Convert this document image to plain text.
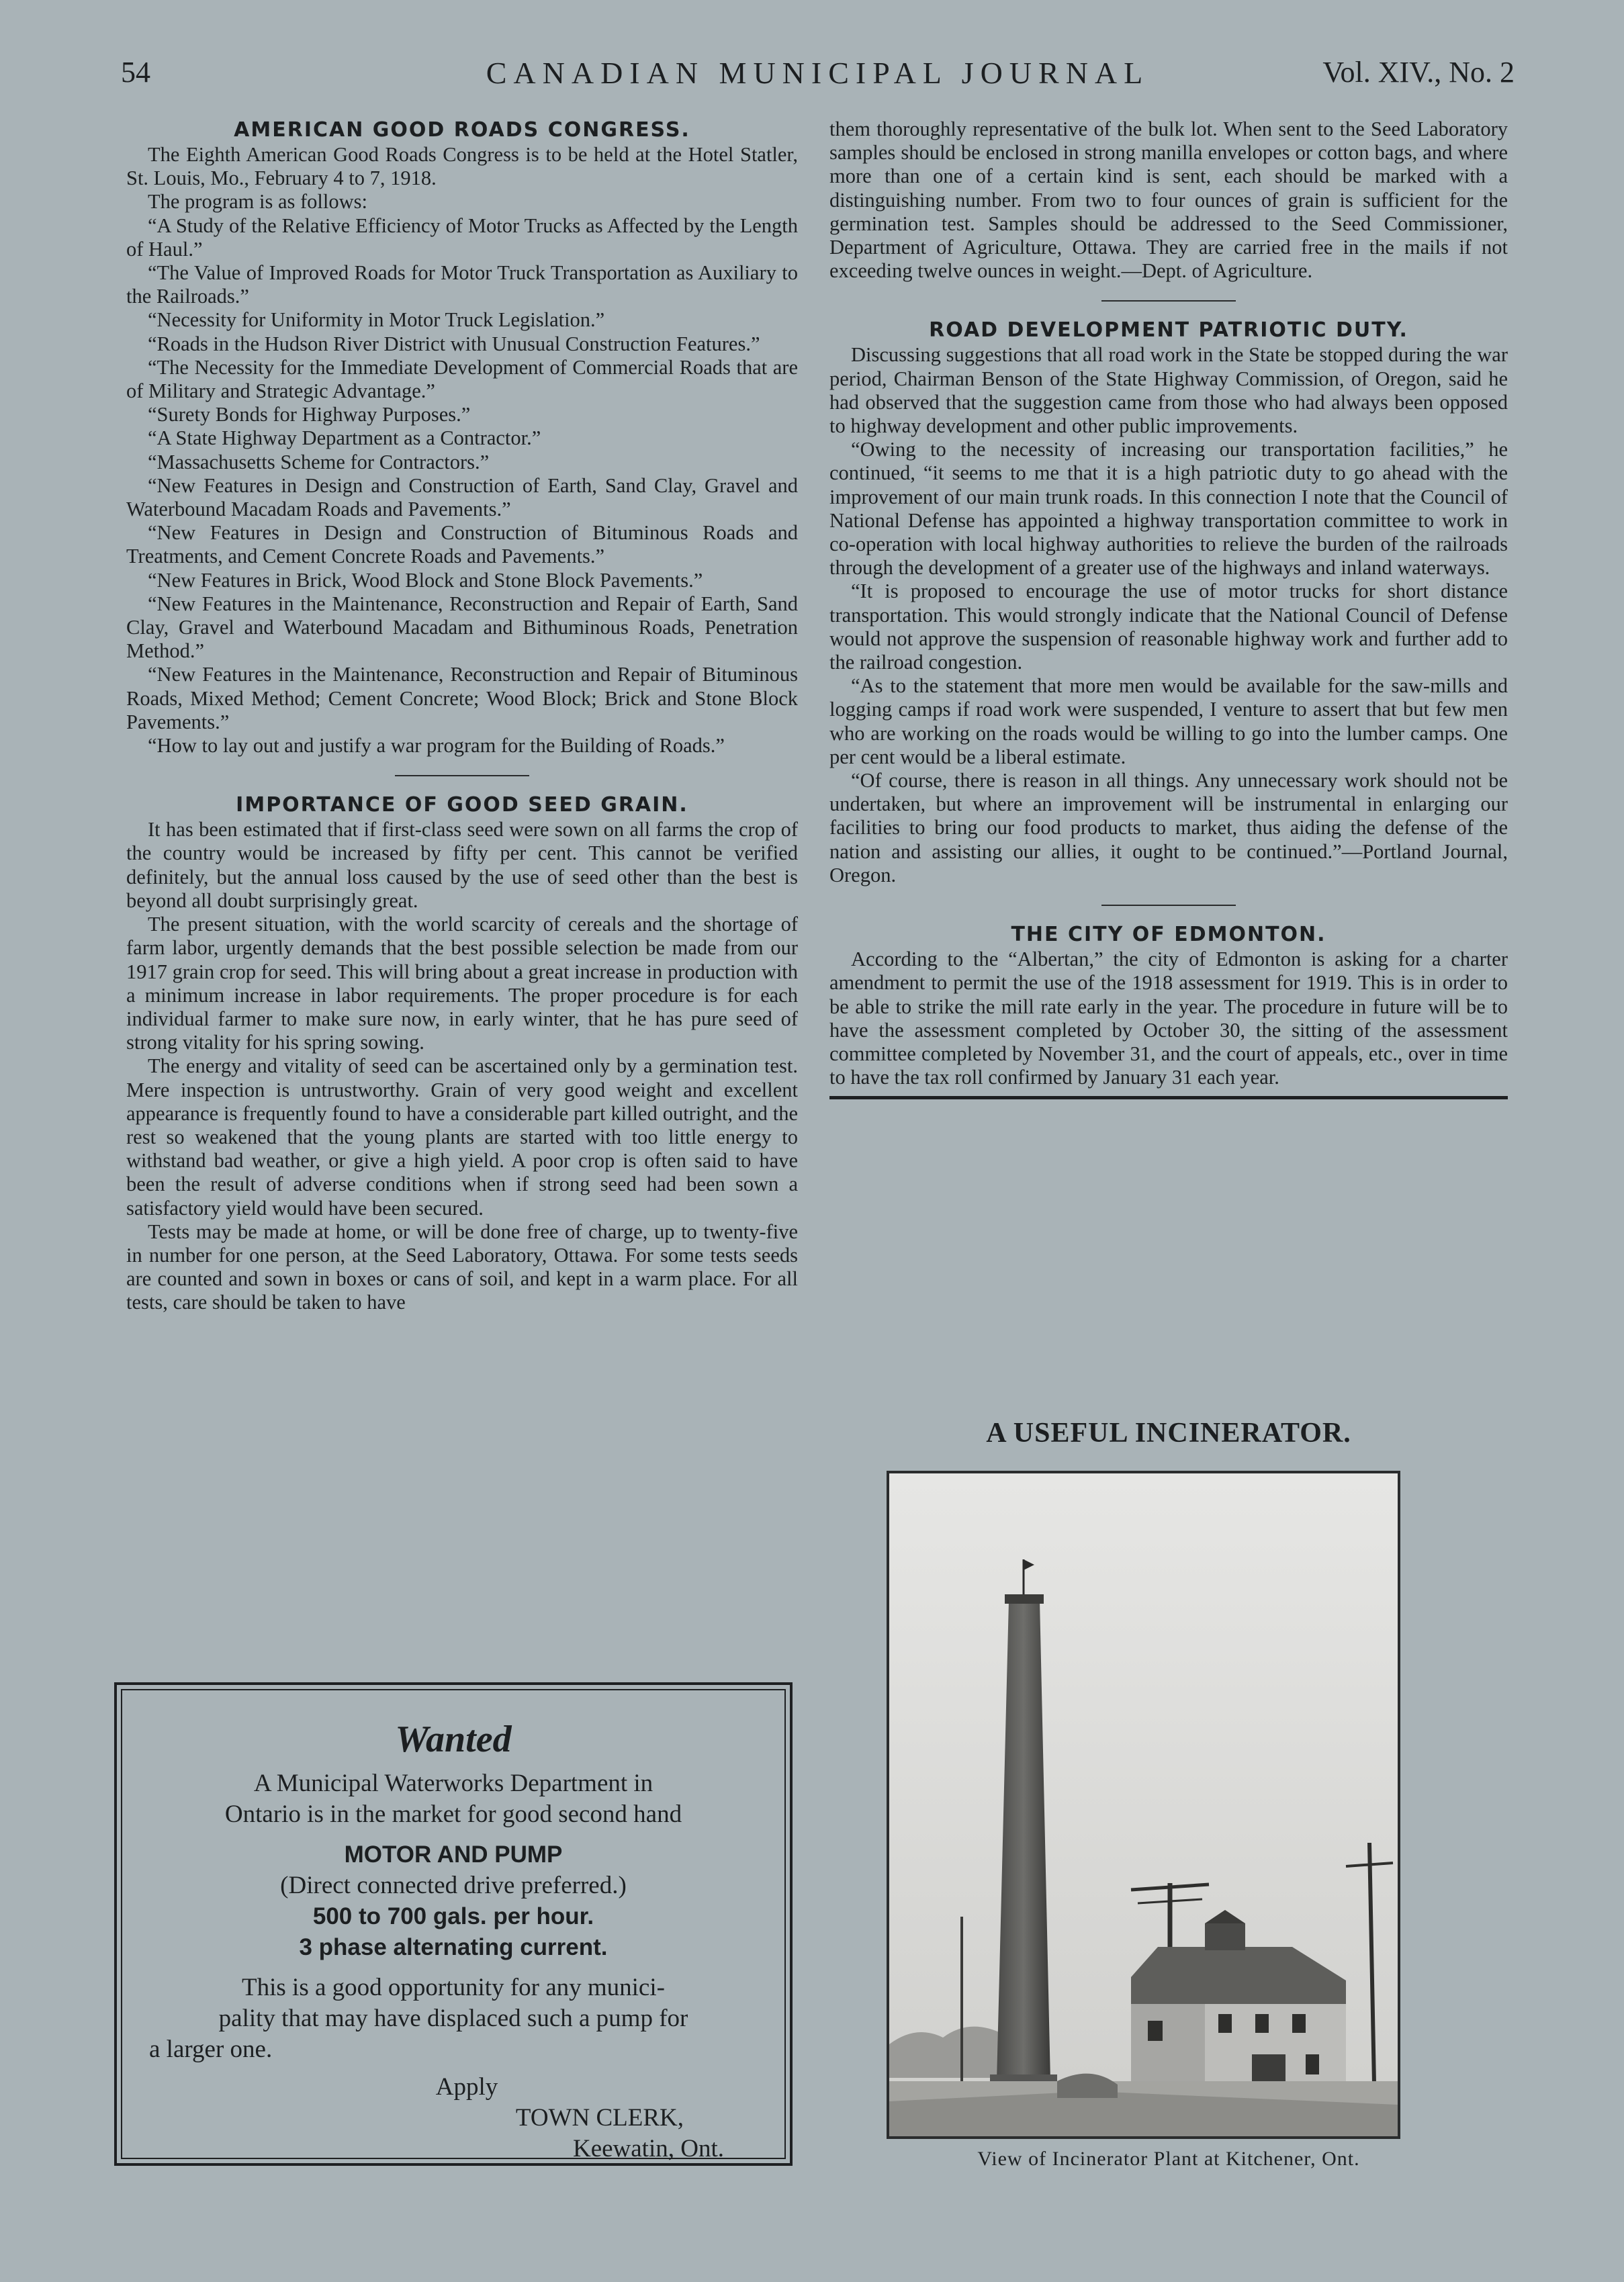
54	CANADIAN MUNICIPAL JOURNAL	Vol. XIV., No. 2
AMERICAN GOOD ROADS CONGRESS.

The Eighth American Good Roads Congress is to be held at the Hotel Statler, St. Louis, Mo., February 4 to 7, 1918.

The program is as follows:

“A Study of the Relative Efficiency of Motor Trucks as Affected by the Length of Haul.”

“The Value of Improved Roads for Motor Truck Transportation as Auxiliary to the Railroads.”

“Necessity for Uniformity in Motor Truck Legislation.”

“Roads in the Hudson River District with Unusual Construction Features.”

“The Necessity for the Immediate Development of Commercial Roads that are of Military and Strategic Advantage.”

“Surety Bonds for Highway Purposes.”

“A State Highway Department as a Contractor.”

“Massachusetts Scheme for Contractors.”

“New Features in Design and Construction of Earth, Sand Clay, Gravel and Waterbound Macadam Roads and Pavements.”

“New Features in Design and Construction of Bituminous Roads and Treatments, and Cement Concrete Roads and Pavements.”

“New Features in Brick, Wood Block and Stone Block Pavements.”

“New Features in the Maintenance, Reconstruction and Repair of Earth, Sand Clay, Gravel and Waterbound Macadam and Bithuminous Roads, Penetration Method.”

“New Features in the Maintenance, Reconstruction and Repair of Bituminous Roads, Mixed Method; Cement Concrete; Wood Block; Brick and Stone Block Pavements.”

“How to lay out and justify a war program for the Building of Roads.”

IMPORTANCE OF GOOD SEED GRAIN.

It has been estimated that if first-class seed were sown on all farms the crop of the country would be increased by fifty per cent. This cannot be verified definitely, but the annual loss caused by the use of seed other than the best is beyond all doubt surprisingly great.

The present situation, with the world scarcity of cereals and the shortage of farm labor, urgently demands that the best possible selection be made from our 1917 grain crop for seed. This will bring about a great increase in production with a minimum increase in labor requirements. The proper procedure is for each individual farmer to make sure now, in early winter, that he has pure seed of strong vitality for his spring sowing.

The energy and vitality of seed can be ascertained only by a germination test. Mere inspection is untrustworthy. Grain of very good weight and excellent appearance is frequently found to have a considerable part killed outright, and the rest so weakened that the young plants are started with too little energy to withstand bad weather, or give a high yield. A poor crop is often said to have been the result of adverse conditions when if strong seed had been sown a satisfactory yield would have been secured.

Tests may be made at home, or will be done free of charge, up to twenty-five in number for one person, at the Seed Laboratory, Ottawa. For some tests seeds are counted and sown in boxes or cans of soil, and kept in a warm place. For all tests, care should be taken to have

Wanted
A Municipal Waterworks Department in
Ontario is in the market for good second hand
MOTOR AND PUMP
(Direct connected drive preferred.)
500 to 700 gals. per hour.
3 phase alternating current.
This is a good opportunity for any munici-
pality that may have displaced such a pump for
a larger one.
Apply
TOWN CLERK,
Keewatin, Ont.

them thoroughly representative of the bulk lot. When sent to the Seed Laboratory samples should be enclosed in strong manilla envelopes or cotton bags, and where more than one of a certain kind is sent, each should be marked with a distinguishing number. From two to four ounces of grain is sufficient for the germination test. Samples should be addressed to the Seed Commissioner, Department of Agriculture, Ottawa. They are carried free in the mails if not exceeding twelve ounces in weight.—Dept. of Agriculture.

ROAD DEVELOPMENT PATRIOTIC DUTY.

Discussing suggestions that all road work in the State be stopped during the war period, Chairman Benson of the State Highway Commission, of Oregon, said he had observed that the suggestion came from those who had always been opposed to highway development and other public improvements.

“Owing to the necessity of increasing our transportation facilities,” he continued, “it seems to me that it is a high patriotic duty to go ahead with the improvement of our main trunk roads. In this connection I note that the Council of National Defense has appointed a highway transportation committee to work in co-operation with local highway authorities to relieve the burden of the railroads through the development of a greater use of the highways and inland waterways.

“It is proposed to encourage the use of motor trucks for short distance transportation. This would strongly indicate that the National Council of Defense would not approve the suspension of reasonable highway work and further add to the railroad congestion.

“As to the statement that more men would be available for the saw-mills and logging camps if road work were suspended, I venture to assert that but few men who are working on the roads would be willing to go into the lumber camps. One per cent would be a liberal estimate.

“Of course, there is reason in all things. Any unnecessary work should not be undertaken, but where an improvement will be instrumental in enlarging our facilities to bring our food products to market, thus aiding the defense of the nation and assisting our allies, it ought to be continued.”—Portland Journal, Oregon.

THE CITY OF EDMONTON.

According to the “Albertan,” the city of Edmonton is asking for a charter amendment to permit the use of the 1918 assessment for 1919. This is in order to be able to strike the mill rate early in the year. The procedure in future will be to have the assessment completed by October 30, the sitting of the assessment committee completed by November 31, and the court of appeals, etc., over in time to have the tax roll confirmed by January 31 each year.

A USEFUL INCINERATOR.
View of Incinerator Plant at Kitchener, Ont.
